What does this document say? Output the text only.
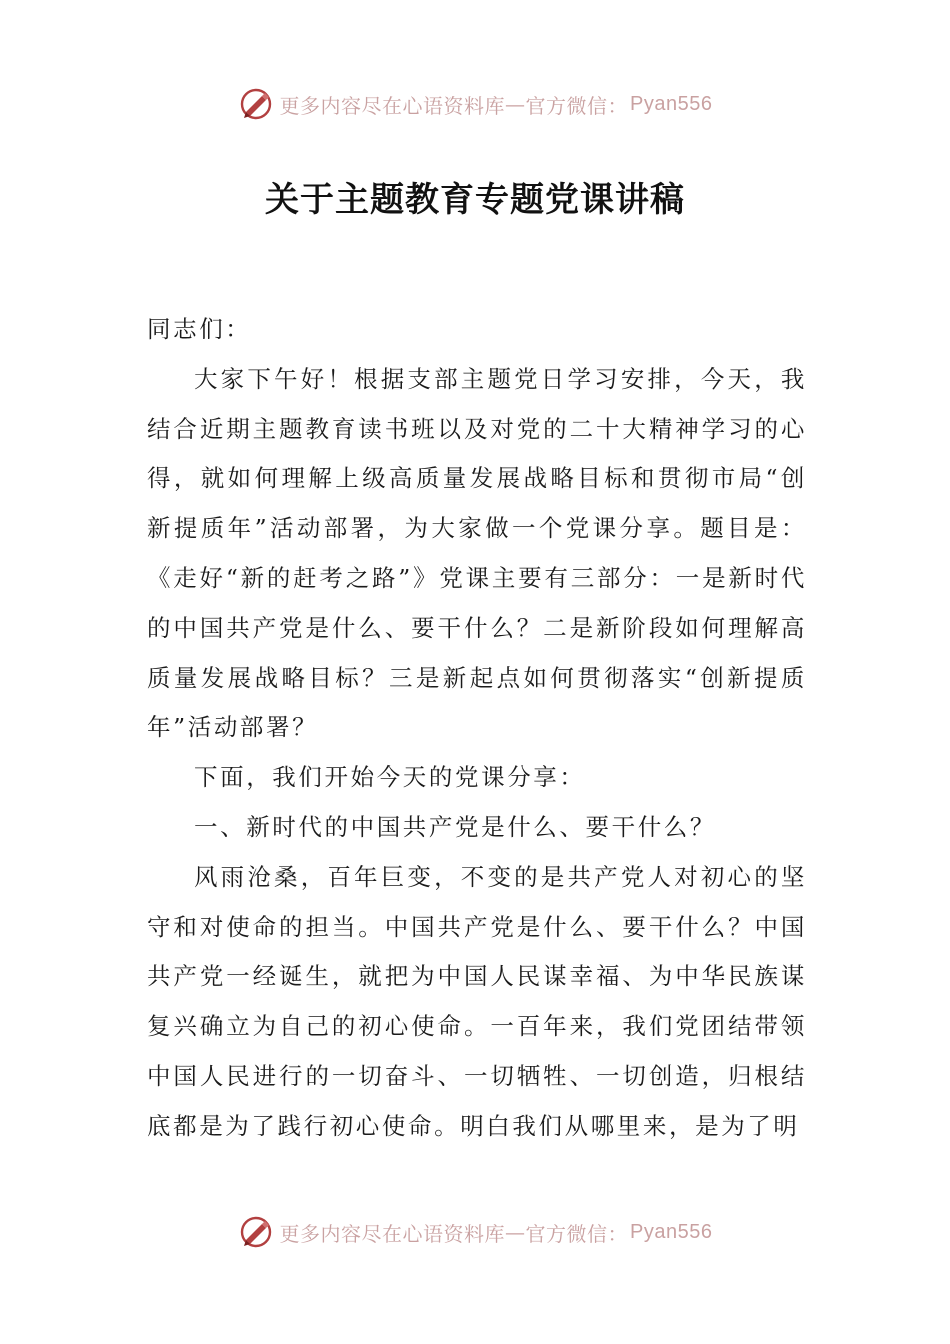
更多内容尽在心语资料库 — 官方微信： Pyan556
关于主题教育专题党课讲稿

同志们：

大家下午好！根据支部主题党日学习安排，今天，我结合近期主题教育读书班以及对党的二十大精神学习的心得，就如何理解上级高质量发展战略目标和贯彻市局“创新提质年”活动部署，为大家做一个党课分享。题目是：《走好“新的赶考之路”》党课主要有三部分：一是新时代的中国共产党是什么、要干什么？二是新阶段如何理解高质量发展战略目标？三是新起点如何贯彻落实“创新提质年”活动部署？

下面，我们开始今天的党课分享：

一、新时代的中国共产党是什么、要干什么？

风雨沧桑，百年巨变，不变的是共产党人对初心的坚守和对使命的担当。中国共产党是什么、要干什么？中国共产党一经诞生，就把为中国人民谋幸福、为中华民族谋复兴确立为自己的初心使命。一百年来，我们党团结带领中国人民进行的一切奋斗、一切牺牲、一切创造，归根结底都是为了践行初心使命。明白我们从哪里来，是为了明

更多内容尽在心语资料库 — 官方微信： Pyan556
